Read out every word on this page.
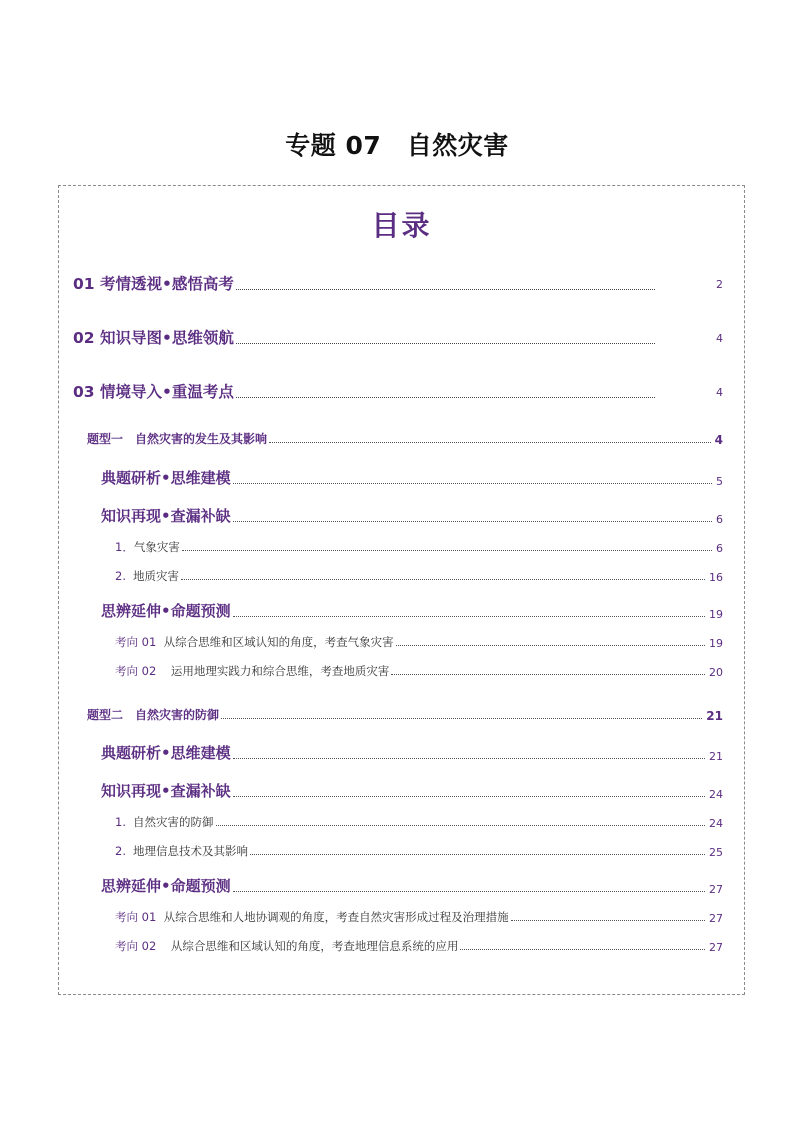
专题 07　自然灾害
目录
01 考情透视•感悟高考	2
02 知识导图•思维领航	4
03 情境导入•重温考点	4
题型一　自然灾害的发生及其影响	4
典题研析•思维建模	5
知识再现•查漏补缺	6
1．气象灾害	6
2. 地质灾害	16
思辨延伸•命题预测	19
考向 01 从综合思维和区域认知的角度，考查气象灾害	19
考向 02 运用地理实践力和综合思维，考查地质灾害	20
题型二　自然灾害的防御	21
典题研析•思维建模	21
知识再现•查漏补缺	24
1. 自然灾害的防御	24
2. 地理信息技术及其影响	25
思辨延伸•命题预测	27
考向 01 从综合思维和人地协调观的角度，考查自然灾害形成过程及治理措施	27
考向 02 从综合思维和区域认知的角度，考查地理信息系统的应用	27
